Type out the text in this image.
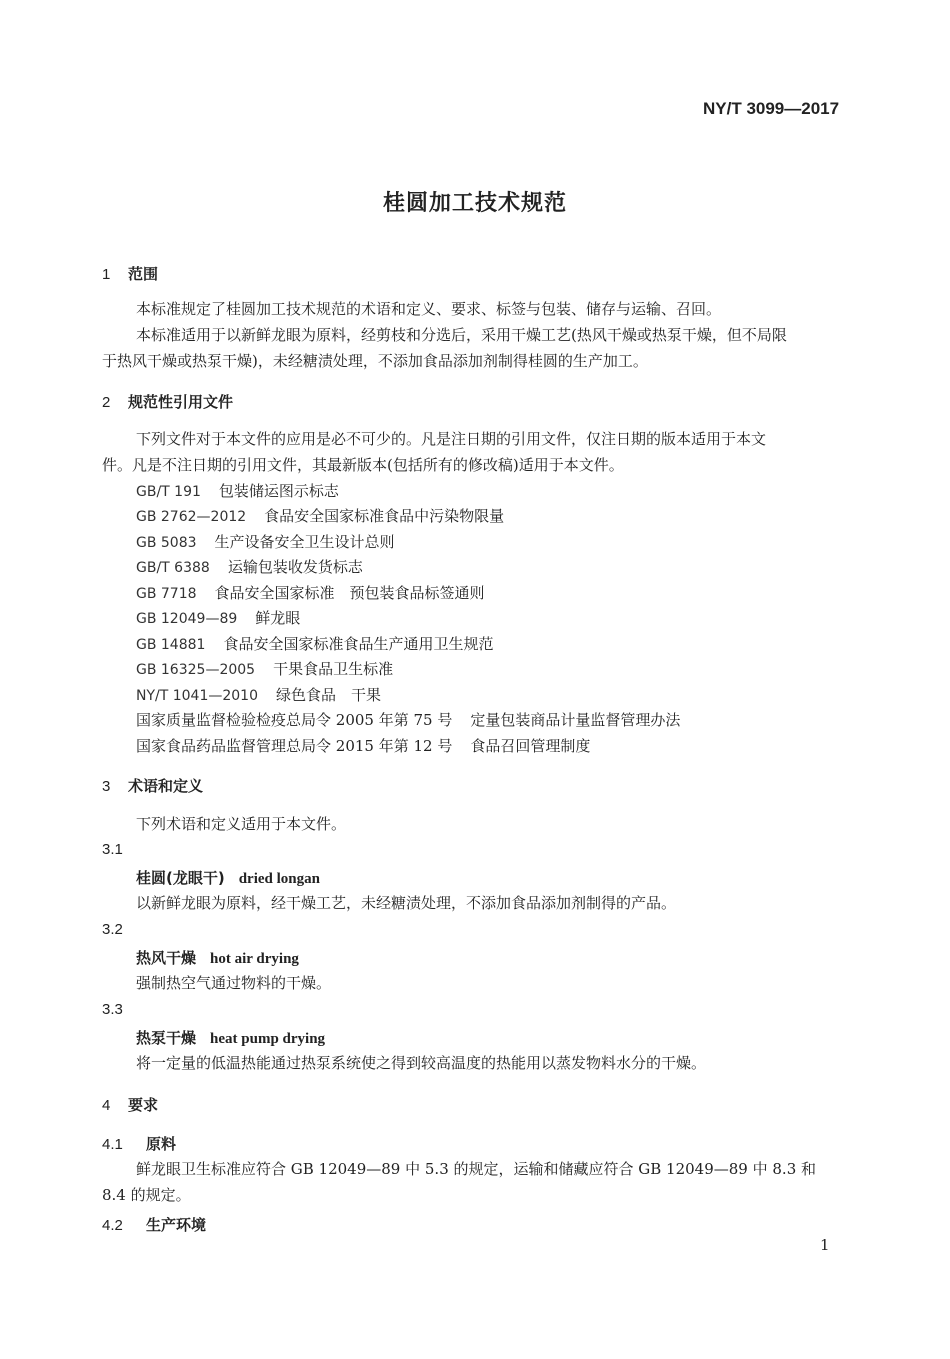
NY/T 3099—2017
桂圆加工技术规范
1 范围
本标准规定了桂圆加工技术规范的术语和定义、要求、标签与包装、储存与运输、召回。
本标准适用于以新鲜龙眼为原料，经剪枝和分选后，采用干燥工艺(热风干燥或热泵干燥，但不局限
于热风干燥或热泵干燥)，未经糖渍处理，不添加食品添加剂制得桂圆的生产加工。
2 规范性引用文件
下列文件对于本文件的应用是必不可少的。凡是注日期的引用文件，仅注日期的版本适用于本文
件。凡是不注日期的引用文件，其最新版本(包括所有的修改稿)适用于本文件。
GB/T 191 包装储运图示标志
GB 2762—2012 食品安全国家标准食品中污染物限量
GB 5083 生产设备安全卫生设计总则
GB/T 6388 运输包装收发货标志
GB 7718 食品安全国家标准　预包装食品标签通则
GB 12049—89 鲜龙眼
GB 14881 食品安全国家标准食品生产通用卫生规范
GB 16325—2005 干果食品卫生标准
NY/T 1041—2010 绿色食品　干果
国家质量监督检验检疫总局令 2005 年第 75 号 定量包装商品计量监督管理办法
国家食品药品监督管理总局令 2015 年第 12 号 食品召回管理制度
3 术语和定义
下列术语和定义适用于本文件。
3.1
桂圆(龙眼干) dried longan
以新鲜龙眼为原料，经干燥工艺，未经糖渍处理，不添加食品添加剂制得的产品。
3.2
热风干燥 hot air drying
强制热空气通过物料的干燥。
3.3
热泵干燥 heat pump drying
将一定量的低温热能通过热泵系统使之得到较高温度的热能用以蒸发物料水分的干燥。
4 要求
4.1 原料
鲜龙眼卫生标准应符合 GB 12049—89 中 5.3 的规定，运输和储藏应符合 GB 12049—89 中 8.3 和
8.4 的规定。
4.2 生产环境
1
